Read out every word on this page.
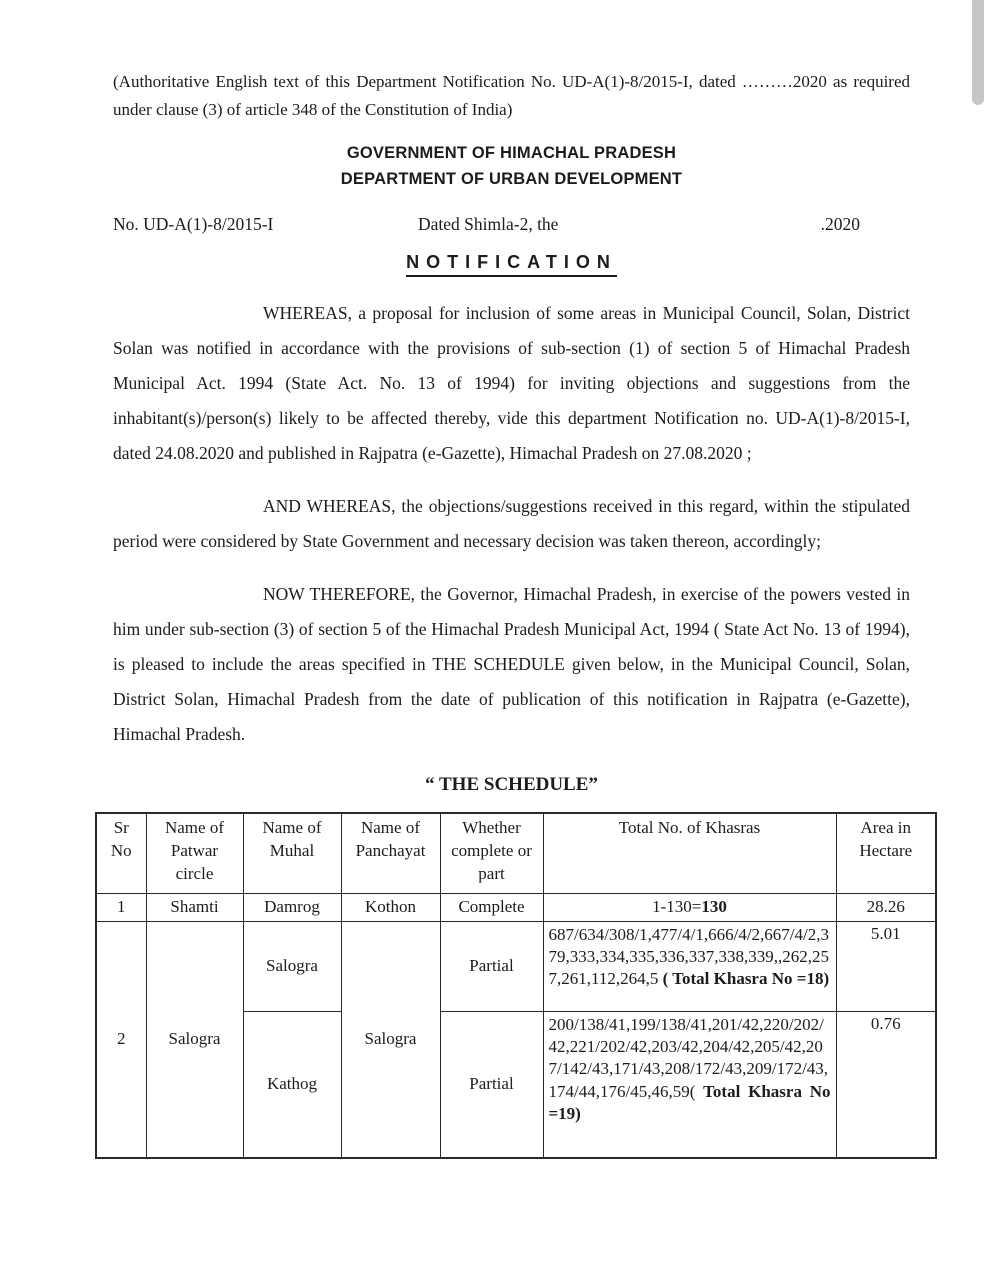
(Authoritative English text of this Department Notification No. UD-A(1)-8/2015-I, dated ………2020 as required under clause (3) of article 348 of the Constitution of India)

GOVERNMENT OF HIMACHAL PRADESH
DEPARTMENT OF URBAN DEVELOPMENT
No. UD-A(1)-8/2015-I	Dated Shimla-2, the	.2020
NOTIFICATION

WHEREAS, a proposal for inclusion of some areas in Municipal Council, Solan, District Solan was notified in accordance with the provisions of sub-section (1) of section 5 of Himachal Pradesh Municipal Act. 1994 (State Act. No. 13 of 1994) for inviting objections and suggestions from the inhabitant(s)/person(s) likely to be affected thereby, vide this department Notification no. UD-A(1)-8/2015-I, dated 24.08.2020 and published in Rajpatra (e-Gazette), Himachal Pradesh on 27.08.2020 ;

AND WHEREAS, the objections/suggestions received in this regard, within the stipulated period were considered by State Government and necessary decision was taken thereon, accordingly;

NOW THEREFORE, the Governor, Himachal Pradesh, in exercise of the powers vested in him under sub-section (3) of section 5 of the Himachal Pradesh Municipal Act, 1994 ( State Act No. 13 of 1994), is pleased to include the areas specified in THE SCHEDULE given below, in the Municipal Council, Solan, District Solan, Himachal Pradesh from the date of publication of this notification in Rajpatra (e-Gazette), Himachal Pradesh.

“ THE SCHEDULE”
Sr No	Name of Patwar circle	Name of Muhal	Name of Panchayat	Whether complete or part	Total No. of Khasras	Area in Hectare
1	Shamti	Damrog	Kothon	Complete	1-130=130	28.26
2	Salogra	Salogra	Salogra	Partial	687/634/308/1,477/4/1,666/4/2,667/4/2,379,333,334,335,336,337,338,339,,262,257,261,112,264,5 ( Total Khasra No =18)	5.01
		Kathog		Partial	200/138/41,199/138/41,201/42,220/202/42,221/202/42,203/42,204/42,205/42,207/142/43,171/43,208/172/43,209/172/43,174/44,176/45,46,59( Total Khasra No =19)	0.76
